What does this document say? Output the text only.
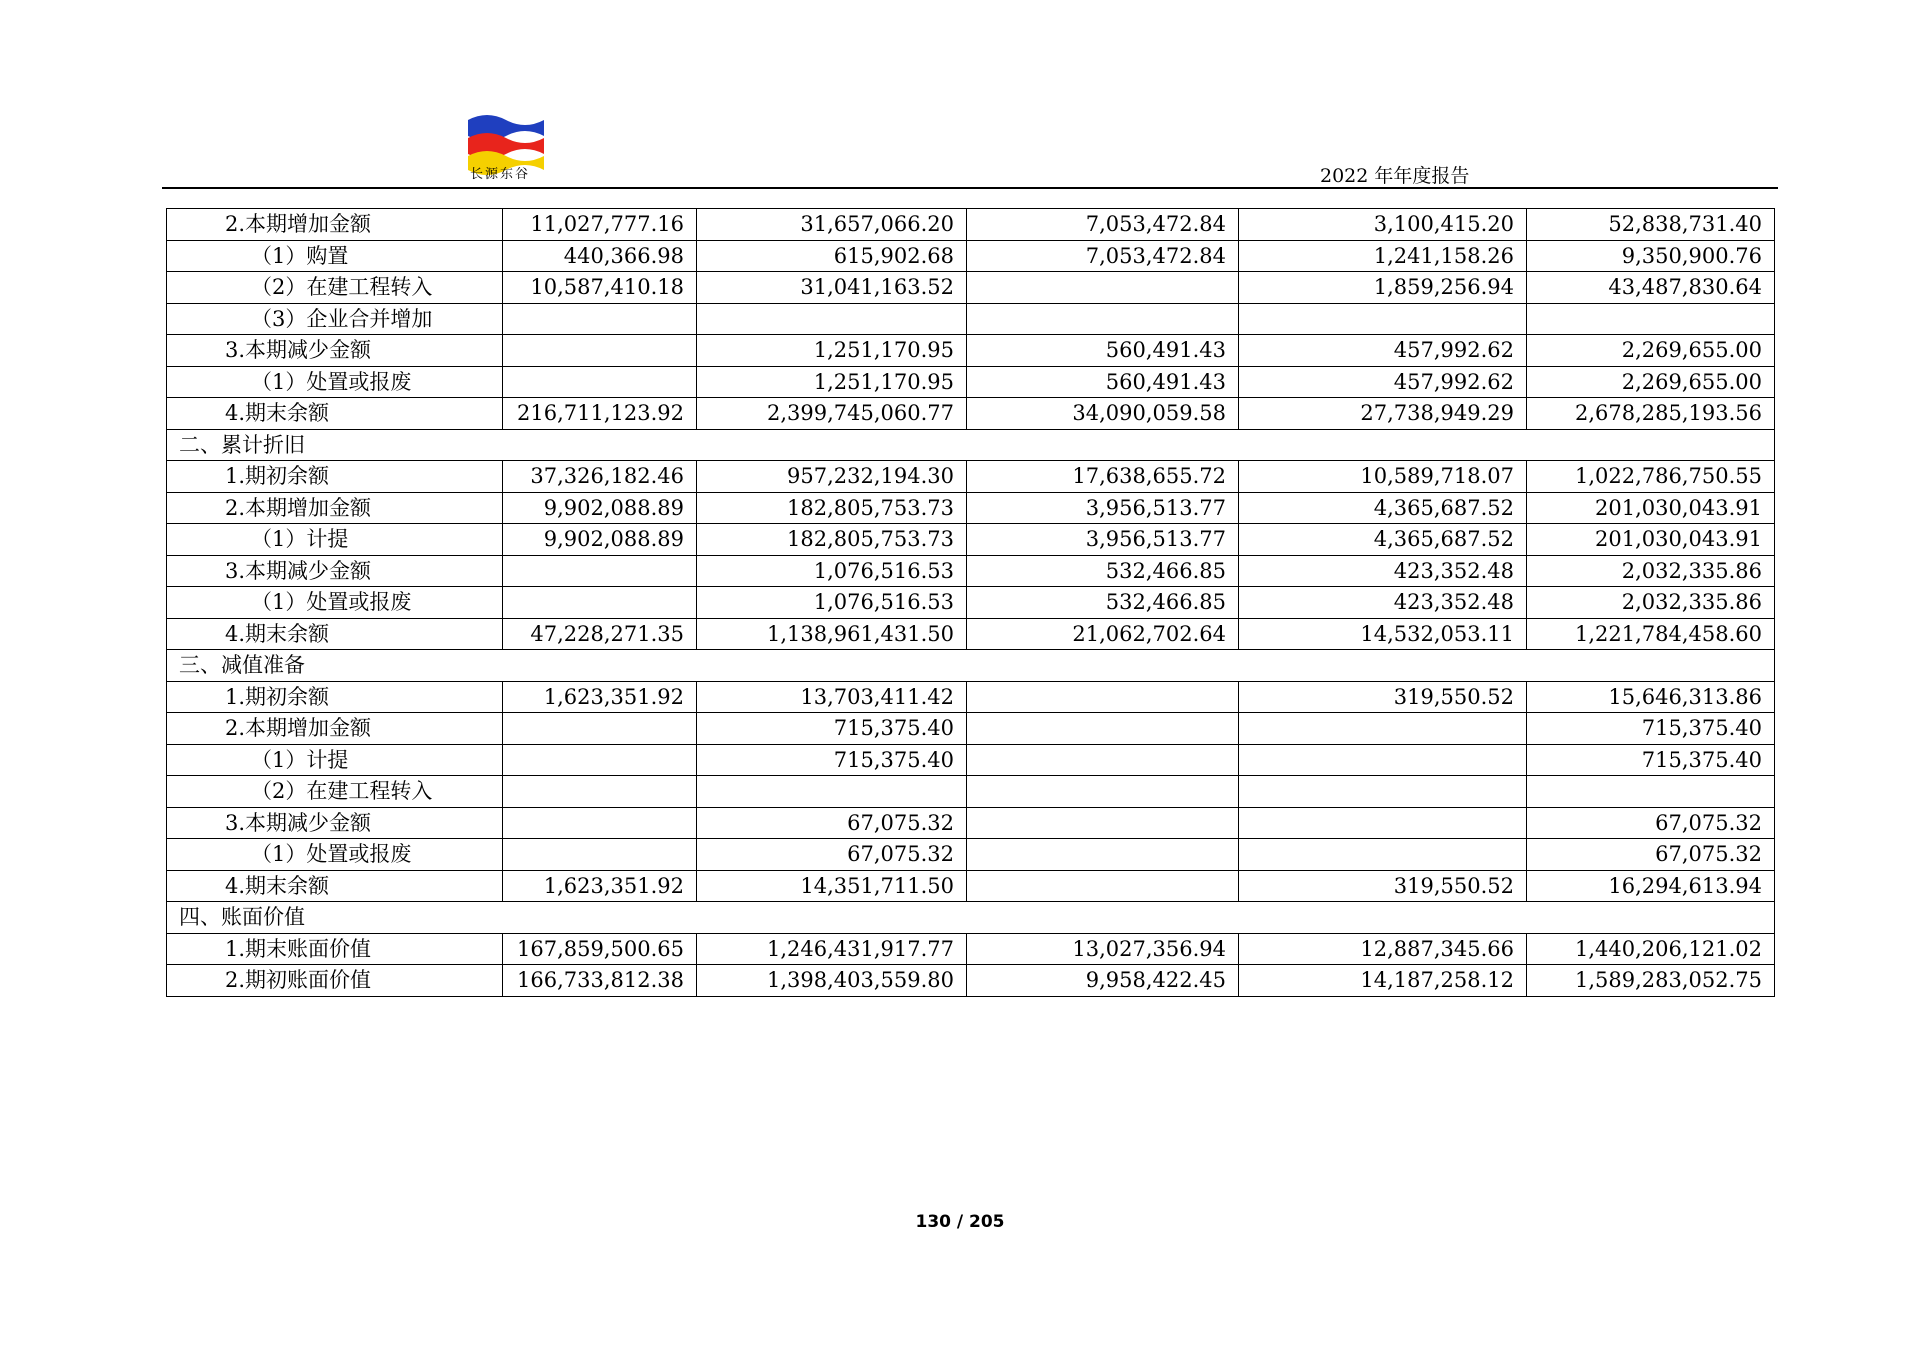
长源东谷	2022 年年度报告
2.本期增加金额	11,027,777.16	31,657,066.20	7,053,472.84	3,100,415.20	52,838,731.40
（1）购置	440,366.98	615,902.68	7,053,472.84	1,241,158.26	9,350,900.76
（2）在建工程转入	10,587,410.18	31,041,163.52		1,859,256.94	43,487,830.64
（3）企业合并增加					
3.本期减少金额		1,251,170.95	560,491.43	457,992.62	2,269,655.00
（1）处置或报废		1,251,170.95	560,491.43	457,992.62	2,269,655.00
4.期末余额	216,711,123.92	2,399,745,060.77	34,090,059.58	27,738,949.29	2,678,285,193.56
二、累计折旧					
1.期初余额	37,326,182.46	957,232,194.30	17,638,655.72	10,589,718.07	1,022,786,750.55
2.本期增加金额	9,902,088.89	182,805,753.73	3,956,513.77	4,365,687.52	201,030,043.91
（1）计提	9,902,088.89	182,805,753.73	3,956,513.77	4,365,687.52	201,030,043.91
3.本期减少金额		1,076,516.53	532,466.85	423,352.48	2,032,335.86
（1）处置或报废		1,076,516.53	532,466.85	423,352.48	2,032,335.86
4.期末余额	47,228,271.35	1,138,961,431.50	21,062,702.64	14,532,053.11	1,221,784,458.60
三、减值准备					
1.期初余额	1,623,351.92	13,703,411.42		319,550.52	15,646,313.86
2.本期增加金额		715,375.40			715,375.40
（1）计提		715,375.40			715,375.40
（2）在建工程转入					
3.本期减少金额		67,075.32			67,075.32
（1）处置或报废		67,075.32			67,075.32
4.期末余额	1,623,351.92	14,351,711.50		319,550.52	16,294,613.94
四、账面价值					
1.期末账面价值	167,859,500.65	1,246,431,917.77	13,027,356.94	12,887,345.66	1,440,206,121.02
2.期初账面价值	166,733,812.38	1,398,403,559.80	9,958,422.45	14,187,258.12	1,589,283,052.75
130 / 205
